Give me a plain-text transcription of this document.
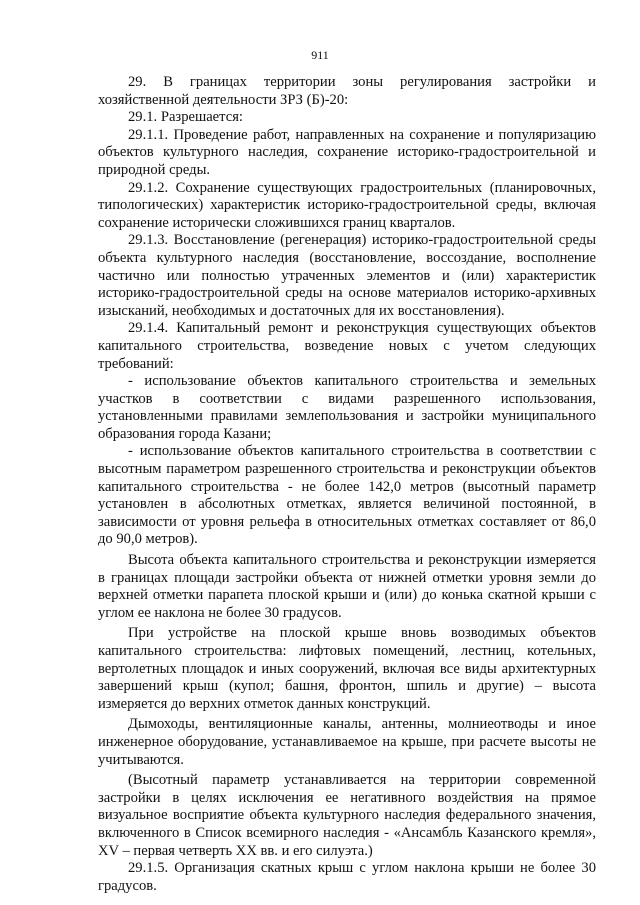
911

29. В границах территории зоны регулирования застройки и хозяйственной деятельности ЗРЗ (Б)-20:

29.1. Разрешается:

29.1.1. Проведение работ, направленных на сохранение и популяризацию объектов культурного наследия, сохранение историко-градостроительной и природной среды.

29.1.2. Сохранение существующих градостроительных (планировочных, типологических) характеристик историко-градостроительной среды, включая сохранение исторически сложившихся границ кварталов.

29.1.3. Восстановление (регенерация) историко-градостроительной среды объекта культурного наследия (восстановление, воссоздание, восполнение частично или полностью утраченных элементов и (или) характеристик историко-градостроительной среды на основе материалов историко-архивных изысканий, необходимых и достаточных для их восстановления).

29.1.4. Капитальный ремонт и реконструкция существующих объектов капитального строительства, возведение новых с учетом следующих требований:

- использование объектов капитального строительства и земельных участков в соответствии с видами разрешенного использования, установленными правилами землепользования и застройки муниципального образования города Казани;

- использование объектов капитального строительства в соответствии с высотным параметром разрешенного строительства и реконструкции объектов капитального строительства - не более 142,0 метров (высотный параметр установлен в абсолютных отметках, является величиной постоянной, в зависимости от уровня рельефа в относительных отметках составляет от 86,0 до 90,0 метров).

Высота объекта капитального строительства и реконструкции измеряется в границах площади застройки объекта от нижней отметки уровня земли до верхней отметки парапета плоской крыши и (или) до конька скатной крыши с углом ее наклона не более 30 градусов.

При устройстве на плоской крыше вновь возводимых объектов капитального строительства: лифтовых помещений, лестниц, котельных, вертолетных площадок и иных сооружений, включая все виды архитектурных завершений крыш (купол; башня, фронтон, шпиль и другие) – высота измеряется до верхних отметок данных конструкций.

Дымоходы, вентиляционные каналы, антенны, молниеотводы и иное инженерное оборудование, устанавливаемое на крыше, при расчете высоты не учитываются.

(Высотный параметр устанавливается на территории современной застройки в целях исключения ее негативного воздействия на прямое визуальное восприятие объекта культурного наследия федерального значения, включенного в Список всемирного наследия - «Ансамбль Казанского кремля», XV – первая четверть XX вв. и его силуэта.)

29.1.5. Организация скатных крыш с углом наклона крыши не более 30 градусов.
